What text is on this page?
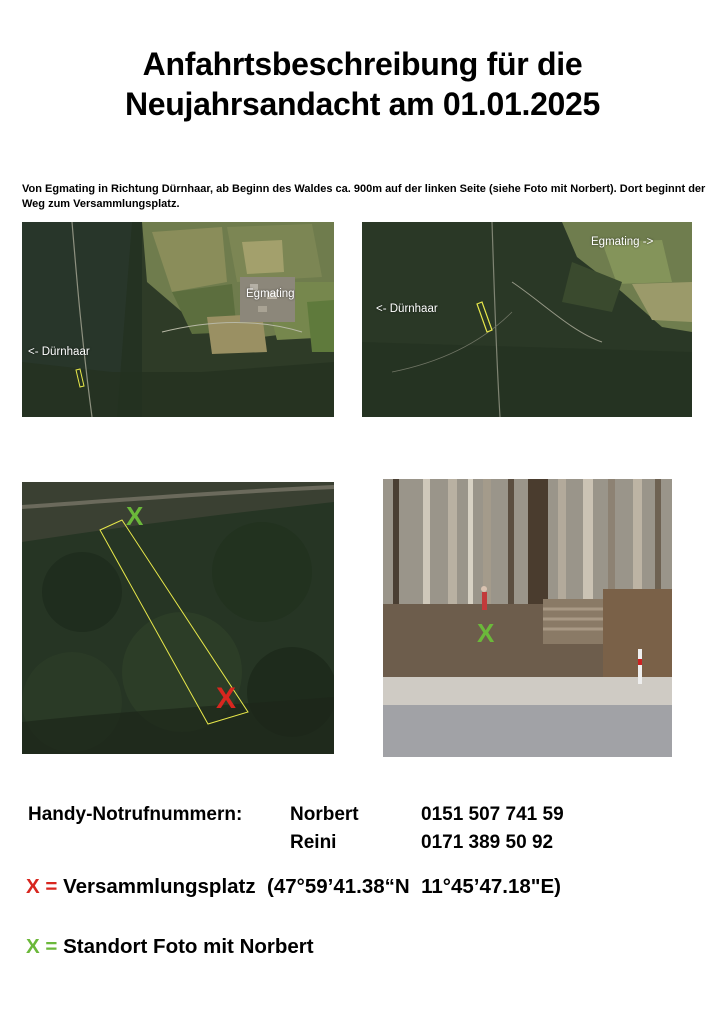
Anfahrtsbeschreibung für die
Neujahrsandacht am 01.01.2025
Von Egmating in Richtung Dürnhaar, ab Beginn des Waldes ca. 900m auf der linken Seite (siehe Foto mit Norbert). Dort beginnt der Weg zum Versammlungsplatz.
Egmating
<- Dürnhaar
Egmating ->
<- Dürnhaar
X
X
X
Handy-Notrufnummern:	Norbert	0151 507 741 59
Reini	0171 389 50 92
X = Versammlungsplatz  (47°59’41.38“N  11°45’47.18"E)
X = Standort Foto mit Norbert
